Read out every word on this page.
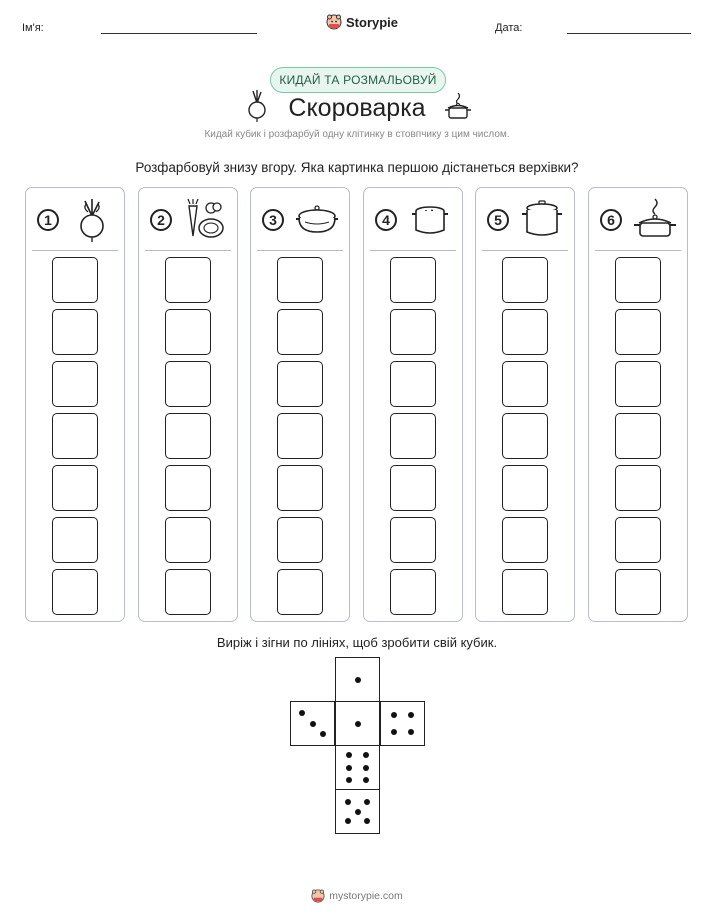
Ім'я:	Storypie	Дата:
КИДАЙ ТА РОЗМАЛЬОВУЙ
Скороварка
Кидай кубик і розфарбуй одну клітинку в стовпчику з цим числом.
Розфарбовуй знизу вгору. Яка картинка першою дістанеться верхівки?
1	2	3	4	5	6
Виріж і зігни по лініях, щоб зробити свій кубик.
mystorypie.com
